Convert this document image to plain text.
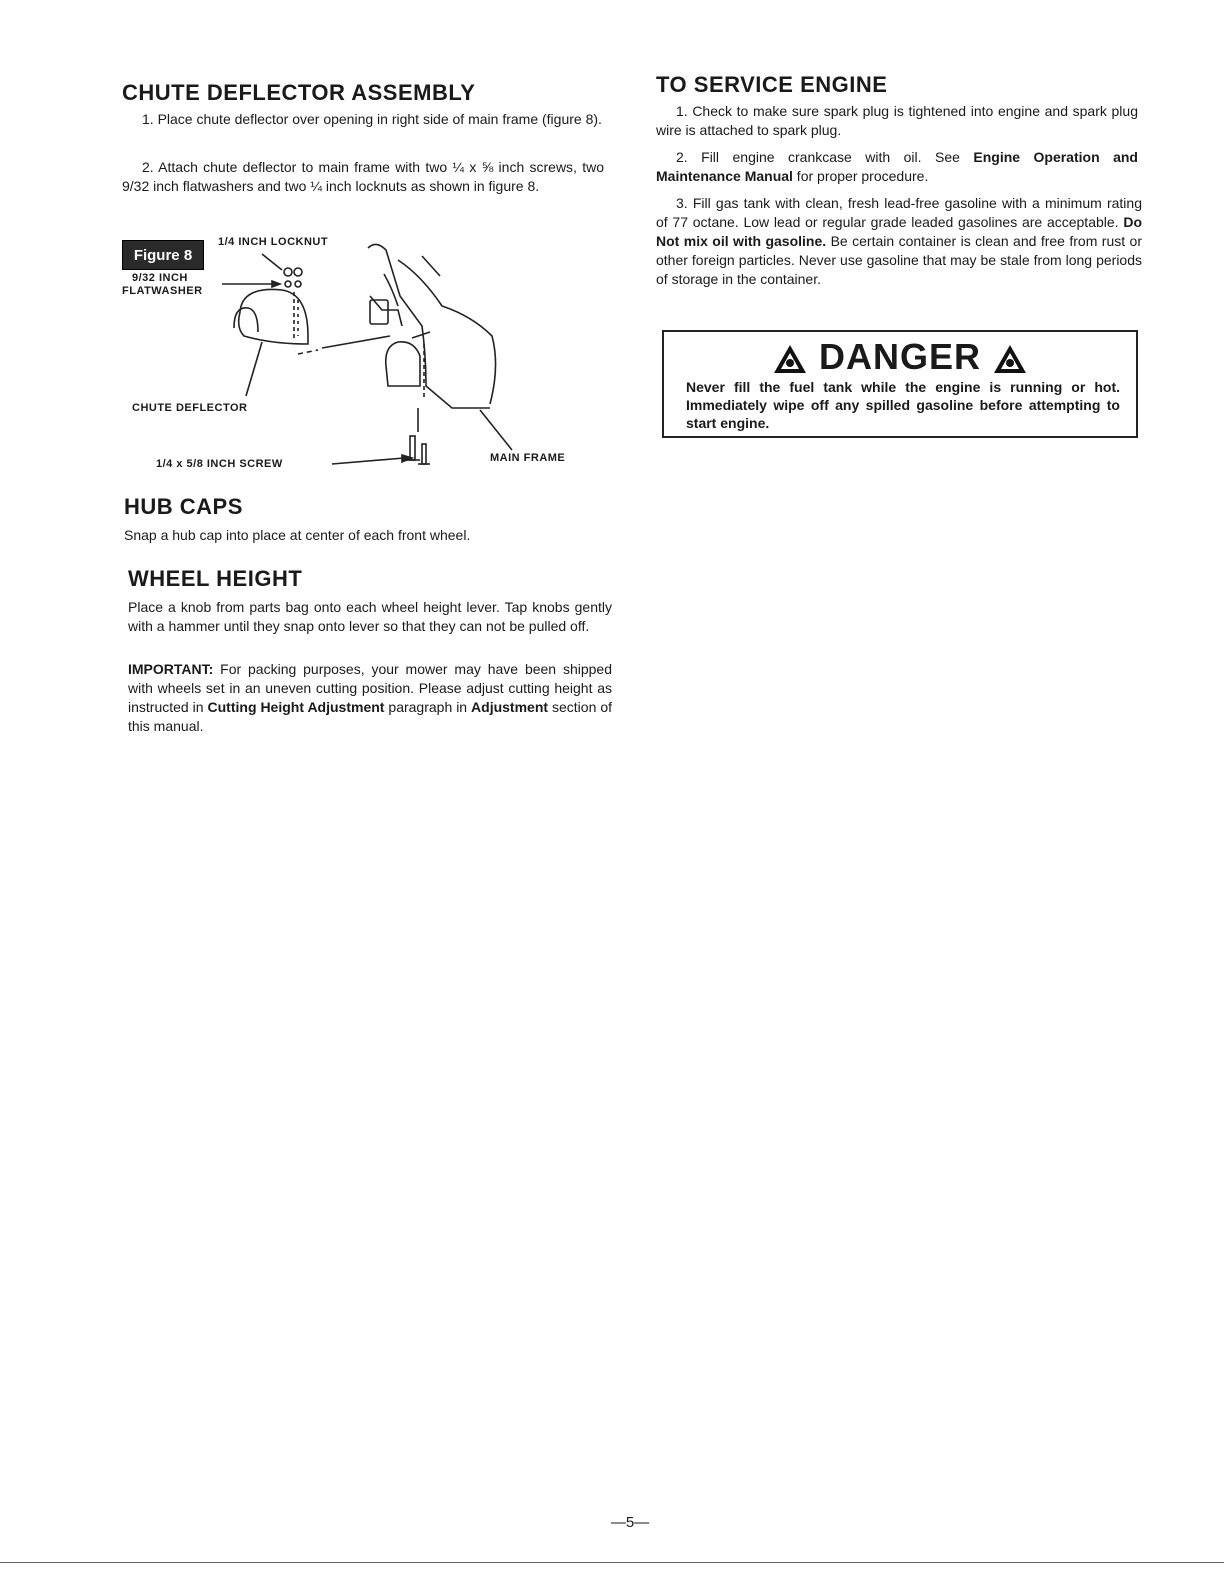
CHUTE DEFLECTOR ASSEMBLY

1. Place chute deflector over opening in right side of main frame (figure 8).

2. Attach chute deflector to main frame with two ¼ x ⅝ inch screws, two 9/32 inch flatwashers and two ¼ inch locknuts as shown in figure 8.

Figure 8
1/4 INCH LOCKNUT
9/32 INCH
FLATWASHER
CHUTE DEFLECTOR
1/4 x 5/8 INCH SCREW	MAIN FRAME
HUB CAPS

Snap a hub cap into place at center of each front wheel.

WHEEL HEIGHT

Place a knob from parts bag onto each wheel height lever. Tap knobs gently with a hammer until they snap onto lever so that they can not be pulled off.

IMPORTANT: For packing purposes, your mower may have been shipped with wheels set in an uneven cutting position. Please adjust cutting height as instructed in Cutting Height Adjustment paragraph in Adjustment section of this manual.

TO SERVICE ENGINE

1. Check to make sure spark plug is tightened into engine and spark plug wire is attached to spark plug.

2. Fill engine crankcase with oil. See Engine Operation and Maintenance Manual for proper procedure.

3. Fill gas tank with clean, fresh lead-free gasoline with a minimum rating of 77 octane. Low lead or regular grade leaded gasolines are acceptable. Do Not mix oil with gasoline. Be certain container is clean and free from rust or other foreign particles. Never use gasoline that may be stale from long periods of storage in the container.

DANGER
Never fill the fuel tank while the engine is running or hot. Immediately wipe off any spilled gasoline before attempting to start engine.
—5—
